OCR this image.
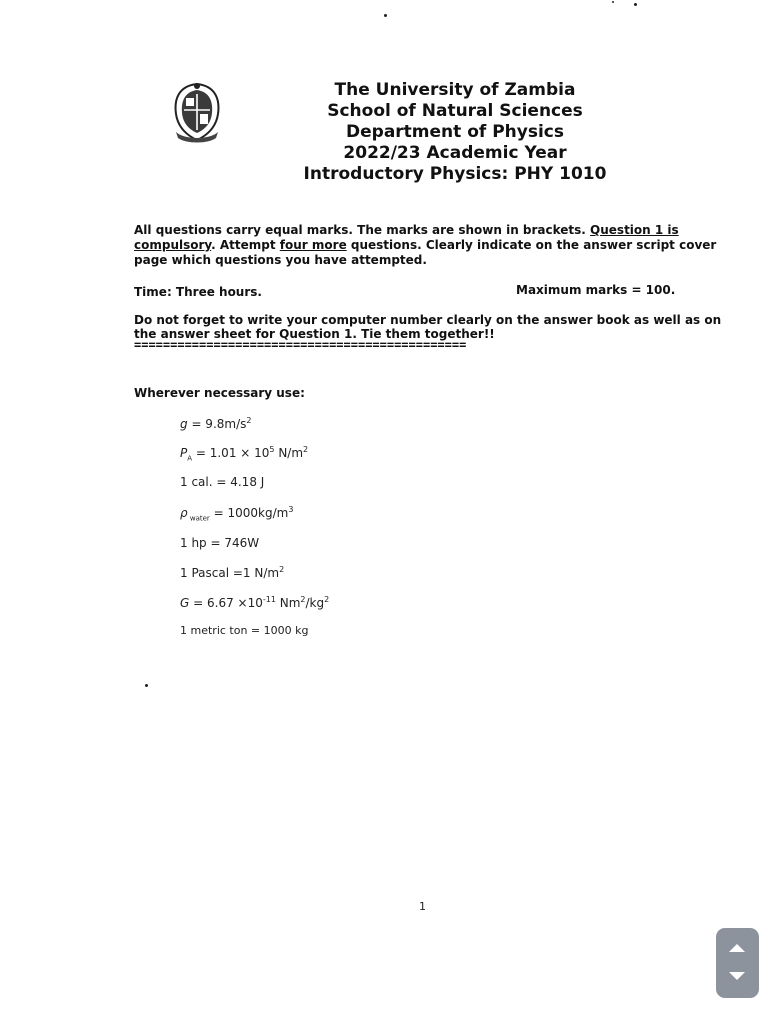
The University of Zambia
School of Natural Sciences
Department of Physics
2022/23 Academic Year
Introductory Physics: PHY 1010
All questions carry equal marks. The marks are shown in brackets. Question 1 is compulsory. Attempt four more questions. Clearly indicate on the answer script cover page which questions you have attempted.
Time: Three hours.	Maximum marks = 100.
Do not forget to write your computer number clearly on the answer book as well as on the answer sheet for Question 1. Tie them together!!
==============================================
Wherever necessary use:
$g = 9.8m/s^2$
$P_A = 1.01 \times 10^5$ $N/m^2$
1 cal. = 4.18 J
ρ $_{water} = 1000kg/m^3$
1 hp = 746W
1 Pascal =1 $N/m^2$
$G = 6.67 \times 10^{-11}$ $Nm^2/kg^2$
1 metric ton = 1000 kg
1
